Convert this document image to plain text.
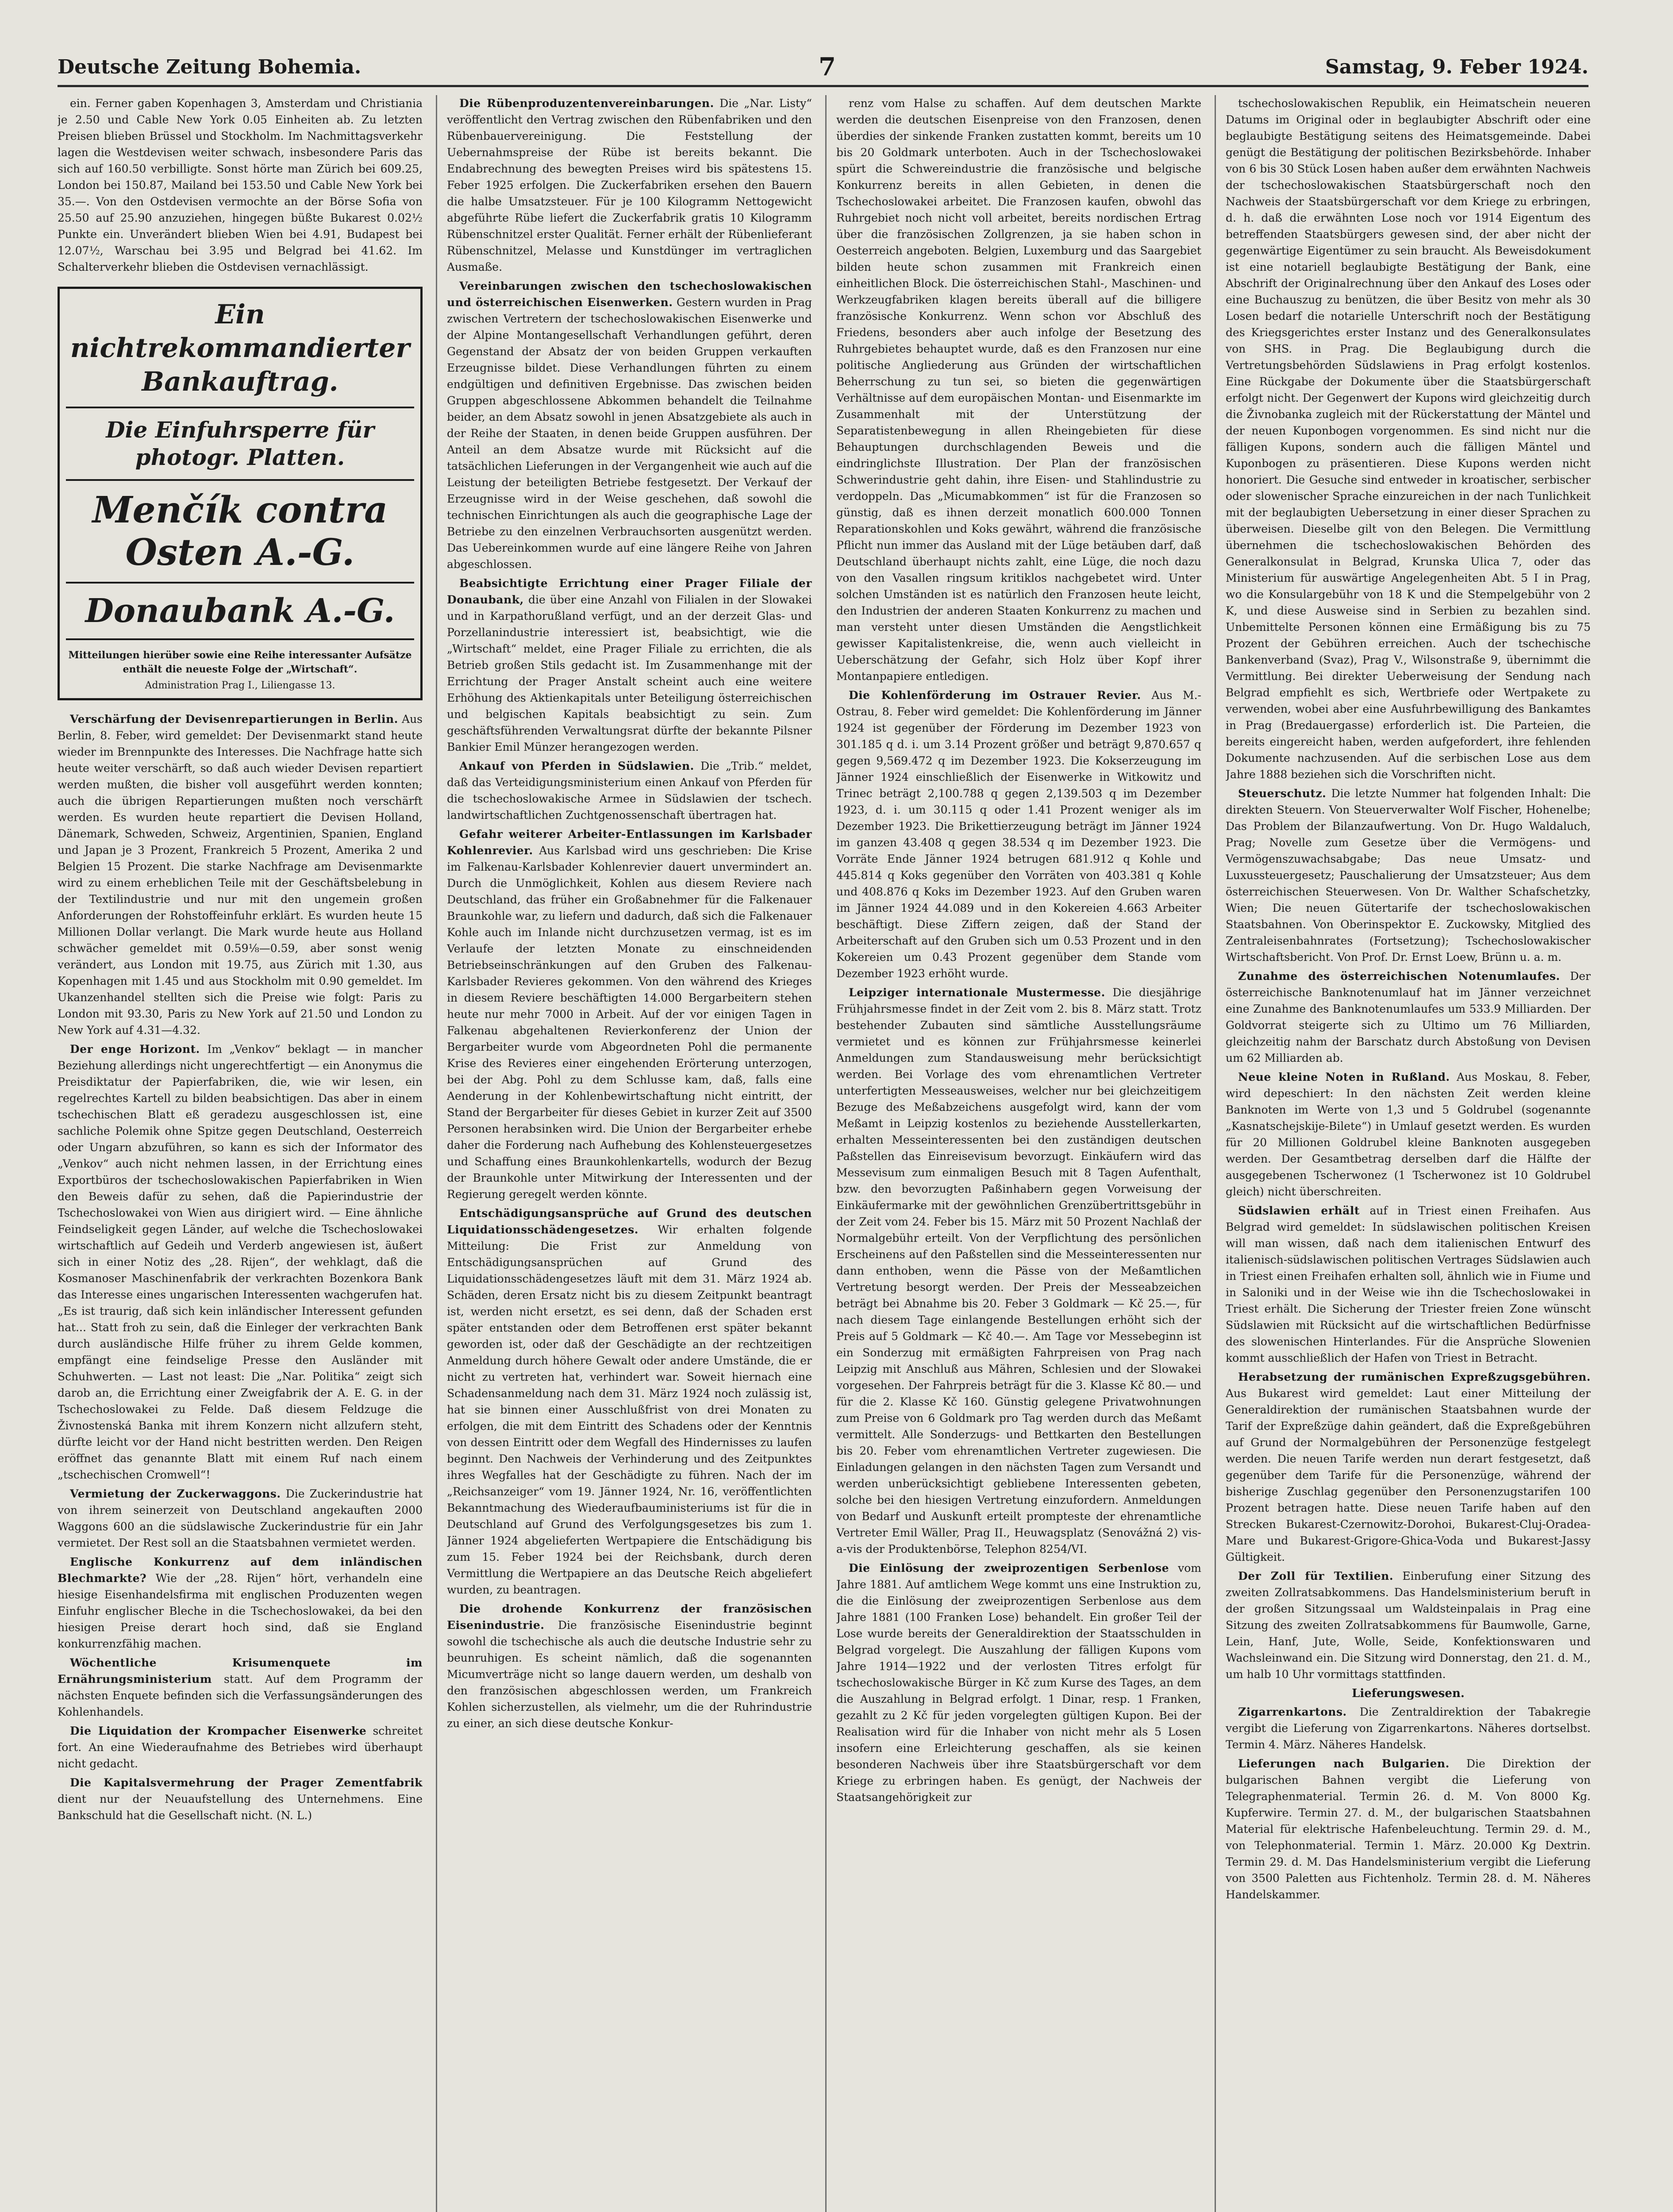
Deutsche Zeitung Bohemia.	7	Samstag, 9. Feber 1924.

ein. Ferner gaben Kopenhagen 3, Amsterdam und Christiania je 2.50 und Cable New York 0.05 Einheiten ab. Zu letzten Preisen blieben Brüssel und Stockholm. Im Nachmittagsverkehr lagen die Westdevisen weiter schwach, insbesondere Paris das sich auf 160.50 verbilligte. Sonst hörte man Zürich bei 609.25, London bei 150.87, Mailand bei 153.50 und Cable New York bei 35.—. Von den Ostdevisen vermochte an der Börse Sofia von 25.50 auf 25.90 anzuziehen, hingegen büßte Bukarest 0.02½ Punkte ein. Unverändert blieben Wien bei 4.91, Budapest bei 12.07½, Warschau bei 3.95 und Belgrad bei 41.62. Im Schalterverkehr blieben die Ostdevisen vernachlässigt.

Ein nichtrekommandierter Bankauftrag.
Die Einfuhrsperre für photogr. Platten.
Menčík contra Osten A.-G.
Donaubank A.-G.
Mitteilungen hierüber sowie eine Reihe interessanter Aufsätze enthält die neueste Folge der „Wirtschaft“.
Administration Prag I., Liliengasse 13.

Verschärfung der Devisenrepartierungen in Berlin. Aus Berlin, 8. Feber, wird gemeldet: Der Devisenmarkt stand heute wieder im Brennpunkte des Interesses. Die Nachfrage hatte sich heute weiter verschärft, so daß auch wieder Devisen repartiert werden mußten, die bisher voll ausgeführt werden konnten; auch die übrigen Repartierungen mußten noch verschärft werden. Es wurden heute repartiert die Devisen Holland, Dänemark, Schweden, Schweiz, Argentinien, Spanien, England und Japan je 3 Prozent, Frankreich 5 Prozent, Amerika 2 und Belgien 15 Prozent. Die starke Nachfrage am Devisenmarkte wird zu einem erheblichen Teile mit der Geschäftsbelebung in der Textilindustrie und nur mit den ungemein großen Anforderungen der Rohstoffeinfuhr erklärt. Es wurden heute 15 Millionen Dollar verlangt. Die Mark wurde heute aus Holland schwächer gemeldet mit 0.59⅛—0.59, aber sonst wenig verändert, aus London mit 19.75, aus Zürich mit 1.30, aus Kopenhagen mit 1.45 und aus Stockholm mit 0.90 gemeldet. Im Ukanzenhandel stellten sich die Preise wie folgt: Paris zu London mit 93.30, Paris zu New York auf 21.50 und London zu New York auf 4.31—4.32.

Der enge Horizont. Im „Venkov“ beklagt — in mancher Beziehung allerdings nicht ungerechtfertigt — ein Anonymus die Preisdiktatur der Papierfabriken, die, wie wir lesen, ein regelrechtes Kartell zu bilden beabsichtigen. Das aber in einem tschechischen Blatt eß geradezu ausgeschlossen ist, eine sachliche Polemik ohne Spitze gegen Deutschland, Oesterreich oder Ungarn abzuführen, so kann es sich der Informator des „Venkov“ auch nicht nehmen lassen, in der Errichtung eines Exportbüros der tschechoslowakischen Papierfabriken in Wien den Beweis dafür zu sehen, daß die Papierindustrie der Tschechoslowakei von Wien aus dirigiert wird. — Eine ähnliche Feindseligkeit gegen Länder, auf welche die Tschechoslowakei wirtschaftlich auf Gedeih und Verderb angewiesen ist, äußert sich in einer Notiz des „28. Rijen“, der wehklagt, daß die Kosmanoser Maschinenfabrik der verkrachten Bozenkora Bank das Interesse eines ungarischen Interessenten wachgerufen hat. „Es ist traurig, daß sich kein inländischer Interessent gefunden hat... Statt froh zu sein, daß die Einleger der verkrachten Bank durch ausländische Hilfe früher zu ihrem Gelde kommen, empfängt eine feindselige Presse den Ausländer mit Schuhwerten. — Last not least: Die „Nar. Politika“ zeigt sich darob an, die Errichtung einer Zweigfabrik der A. E. G. in der Tschechoslowakei zu Felde. Daß diesem Feldzuge die Živnostenská Banka mit ihrem Konzern nicht allzufern steht, dürfte leicht vor der Hand nicht bestritten werden. Den Reigen eröffnet das genannte Blatt mit einem Ruf nach einem „tschechischen Cromwell“!

Vermietung der Zuckerwaggons. Die Zuckerindustrie hat von ihrem seinerzeit von Deutschland angekauften 2000 Waggons 600 an die südslawische Zuckerindustrie für ein Jahr vermietet. Der Rest soll an die Staatsbahnen vermietet werden.

Englische Konkurrenz auf dem inländischen Blechmarkte? Wie der „28. Rijen“ hört, verhandeln eine hiesige Eisenhandelsfirma mit englischen Produzenten wegen Einfuhr englischer Bleche in die Tschechoslowakei, da bei den hiesigen Preise derart hoch sind, daß sie England konkurrenzfähig machen.

Wöchentliche Krisumenquete im Ernährungsministerium statt. Auf dem Programm der nächsten Enquete befinden sich die Verfassungsänderungen des Kohlenhandels.

Die Liquidation der Krompacher Eisenwerke schreitet fort. An eine Wiederaufnahme des Betriebes wird überhaupt nicht gedacht.

Die Kapitalsvermehrung der Prager Zementfabrik dient nur der Neuaufstellung des Unternehmens. Eine Bankschuld hat die Gesellschaft nicht. (N. L.)

Die Rübenproduzentenvereinbarungen. Die „Nar. Listy“ veröffentlicht den Vertrag zwischen den Rübenfabriken und den Rübenbauervereinigung. Die Feststellung der Uebernahmspreise der Rübe ist bereits bekannt. Die Endabrechnung des bewegten Preises wird bis spätestens 15. Feber 1925 erfolgen. Die Zuckerfabriken ersehen den Bauern die halbe Umsatzsteuer. Für je 100 Kilogramm Nettogewicht abgeführte Rübe liefert die Zuckerfabrik gratis 10 Kilogramm Rübenschnitzel erster Qualität. Ferner erhält der Rübenlieferant Rübenschnitzel, Melasse und Kunstdünger im vertraglichen Ausmaße.

Vereinbarungen zwischen den tschechoslowakischen und österreichischen Eisenwerken. Gestern wurden in Prag zwischen Vertretern der tschechoslowakischen Eisenwerke und der Alpine Montangesellschaft Verhandlungen geführt, deren Gegenstand der Absatz der von beiden Gruppen verkauften Erzeugnisse bildet. Diese Verhandlungen führten zu einem endgültigen und definitiven Ergebnisse. Das zwischen beiden Gruppen abgeschlossene Abkommen behandelt die Teilnahme beider, an dem Absatz sowohl in jenen Absatzgebiete als auch in der Reihe der Staaten, in denen beide Gruppen ausführen. Der Anteil an dem Absatze wurde mit Rücksicht auf die tatsächlichen Lieferungen in der Vergangenheit wie auch auf die Leistung der beteiligten Betriebe festgesetzt. Der Verkauf der Erzeugnisse wird in der Weise geschehen, daß sowohl die technischen Einrichtungen als auch die geographische Lage der Betriebe zu den einzelnen Verbrauchsorten ausgenützt werden. Das Uebereinkommen wurde auf eine längere Reihe von Jahren abgeschlossen.

Beabsichtigte Errichtung einer Prager Filiale der Donaubank, die über eine Anzahl von Filialen in der Slowakei und in Karpathorußland verfügt, und an der derzeit Glas- und Porzellanindustrie interessiert ist, beabsichtigt, wie die „Wirtschaft“ meldet, eine Prager Filiale zu errichten, die als Betrieb großen Stils gedacht ist. Im Zusammenhange mit der Errichtung der Prager Anstalt scheint auch eine weitere Erhöhung des Aktienkapitals unter Beteiligung österreichischen und belgischen Kapitals beabsichtigt zu sein. Zum geschäftsführenden Verwaltungsrat dürfte der bekannte Pilsner Bankier Emil Münzer herangezogen werden.

Ankauf von Pferden in Südslawien. Die „Trib.“ meldet, daß das Verteidigungsministerium einen Ankauf von Pferden für die tschechoslowakische Armee in Südslawien der tschech. landwirtschaftlichen Zuchtgenossenschaft übertragen hat.

Gefahr weiterer Arbeiter-Entlassungen im Karlsbader Kohlenrevier. Aus Karlsbad wird uns geschrieben: Die Krise im Falkenau-Karlsbader Kohlenrevier dauert unvermindert an. Durch die Unmöglichkeit, Kohlen aus diesem Reviere nach Deutschland, das früher ein Großabnehmer für die Falkenauer Braunkohle war, zu liefern und dadurch, daß sich die Falkenauer Kohle auch im Inlande nicht durchzusetzen vermag, ist es im Verlaufe der letzten Monate zu einschneidenden Betriebseinschränkungen auf den Gruben des Falkenau-Karlsbader Revieres gekommen. Von den während des Krieges in diesem Reviere beschäftigten 14.000 Bergarbeitern stehen heute nur mehr 7000 in Arbeit. Auf der vor einigen Tagen in Falkenau abgehaltenen Revierkonferenz der Union der Bergarbeiter wurde vom Abgeordneten Pohl die permanente Krise des Revieres einer eingehenden Erörterung unterzogen, bei der Abg. Pohl zu dem Schlusse kam, daß, falls eine Aenderung in der Kohlenbewirtschaftung nicht eintritt, der Stand der Bergarbeiter für dieses Gebiet in kurzer Zeit auf 3500 Personen herabsinken wird. Die Union der Bergarbeiter erhebe daher die Forderung nach Aufhebung des Kohlensteuergesetzes und Schaffung eines Braunkohlenkartells, wodurch der Bezug der Braunkohle unter Mitwirkung der Interessenten und der Regierung geregelt werden könnte.

Entschädigungsansprüche auf Grund des deutschen Liquidationsschädengesetzes. Wir erhalten folgende Mitteilung: Die Frist zur Anmeldung von Entschädigungsansprüchen auf Grund des Liquidationsschädengesetzes läuft mit dem 31. März 1924 ab. Schäden, deren Ersatz nicht bis zu diesem Zeitpunkt beantragt ist, werden nicht ersetzt, es sei denn, daß der Schaden erst später entstanden oder dem Betroffenen erst später bekannt geworden ist, oder daß der Geschädigte an der rechtzeitigen Anmeldung durch höhere Gewalt oder andere Umstände, die er nicht zu vertreten hat, verhindert war. Soweit hiernach eine Schadensanmeldung nach dem 31. März 1924 noch zulässig ist, hat sie binnen einer Ausschlußfrist von drei Monaten zu erfolgen, die mit dem Eintritt des Schadens oder der Kenntnis von dessen Eintritt oder dem Wegfall des Hindernisses zu laufen beginnt. Den Nachweis der Verhinderung und des Zeitpunktes ihres Wegfalles hat der Geschädigte zu führen. Nach der im „Reichsanzeiger“ vom 19. Jänner 1924, Nr. 16, veröffentlichten Bekanntmachung des Wiederaufbauministeriums ist für die in Deutschland auf Grund des Verfolgungsgesetzes bis zum 1. Jänner 1924 abgelieferten Wertpapiere die Entschädigung bis zum 15. Feber 1924 bei der Reichsbank, durch deren Vermittlung die Wertpapiere an das Deutsche Reich abgeliefert wurden, zu beantragen.

Die drohende Konkurrenz der französischen Eisenindustrie. Die französische Eisenindustrie beginnt sowohl die tschechische als auch die deutsche Industrie sehr zu beunruhigen. Es scheint nämlich, daß die sogenannten Micumverträge nicht so lange dauern werden, um deshalb von den französischen abgeschlossen werden, um Frankreich Kohlen sicherzustellen, als vielmehr, um die der Ruhrindustrie zu einer, an sich diese deutsche Konkur-

renz vom Halse zu schaffen. Auf dem deutschen Markte werden die deutschen Eisenpreise von den Franzosen, denen überdies der sinkende Franken zustatten kommt, bereits um 10 bis 20 Goldmark unterboten. Auch in der Tschechoslowakei spürt die Schwereindustrie die französische und belgische Konkurrenz bereits in allen Gebieten, in denen die Tschechoslowakei arbeitet. Die Franzosen kaufen, obwohl das Ruhrgebiet noch nicht voll arbeitet, bereits nordischen Ertrag über die französischen Zollgrenzen, ja sie haben schon in Oesterreich angeboten. Belgien, Luxemburg und das Saargebiet bilden heute schon zusammen mit Frankreich einen einheitlichen Block. Die österreichischen Stahl-, Maschinen- und Werkzeugfabriken klagen bereits überall auf die billigere französische Konkurrenz. Wenn schon vor Abschluß des Friedens, besonders aber auch infolge der Besetzung des Ruhrgebietes behauptet wurde, daß es den Franzosen nur eine politische Angliederung aus Gründen der wirtschaftlichen Beherrschung zu tun sei, so bieten die gegenwärtigen Verhältnisse auf dem europäischen Montan- und Eisenmarkte im Zusammenhalt mit der Unterstützung der Separatistenbewegung in allen Rheingebieten für diese Behauptungen durchschlagenden Beweis und die eindringlichste Illustration. Der Plan der französischen Schwerindustrie geht dahin, ihre Eisen- und Stahlindustrie zu verdoppeln. Das „Micumabkommen“ ist für die Franzosen so günstig, daß es ihnen derzeit monatlich 600.000 Tonnen Reparationskohlen und Koks gewährt, während die französische Pflicht nun immer das Ausland mit der Lüge betäuben darf, daß Deutschland überhaupt nichts zahlt, eine Lüge, die noch dazu von den Vasallen ringsum kritiklos nachgebetet wird. Unter solchen Umständen ist es natürlich den Franzosen heute leicht, den Industrien der anderen Staaten Konkurrenz zu machen und man versteht unter diesen Umständen die Aengstlichkeit gewisser Kapitalistenkreise, die, wenn auch vielleicht in Ueberschätzung der Gefahr, sich Holz über Kopf ihrer Montanpapiere entledigen.

Die Kohlenförderung im Ostrauer Revier. Aus M.-Ostrau, 8. Feber wird gemeldet: Die Kohlenförderung im Jänner 1924 ist gegenüber der Förderung im Dezember 1923 von 301.185 q d. i. um 3.14 Prozent größer und beträgt 9,870.657 q gegen 9,569.472 q im Dezember 1923. Die Kokserzeugung im Jänner 1924 einschließlich der Eisenwerke in Witkowitz und Trinec beträgt 2,100.788 q gegen 2,139.503 q im Dezember 1923, d. i. um 30.115 q oder 1.41 Prozent weniger als im Dezember 1923. Die Brikettierzeugung beträgt im Jänner 1924 im ganzen 43.408 q gegen 38.534 q im Dezember 1923. Die Vorräte Ende Jänner 1924 betrugen 681.912 q Kohle und 445.814 q Koks gegenüber den Vorräten von 403.381 q Kohle und 408.876 q Koks im Dezember 1923. Auf den Gruben waren im Jänner 1924 44.089 und in den Kokereien 4.663 Arbeiter beschäftigt. Diese Ziffern zeigen, daß der Stand der Arbeiterschaft auf den Gruben sich um 0.53 Prozent und in den Kokereien um 0.43 Prozent gegenüber dem Stande vom Dezember 1923 erhöht wurde.

Leipziger internationale Mustermesse. Die diesjährige Frühjahrsmesse findet in der Zeit vom 2. bis 8. März statt. Trotz bestehender Zubauten sind sämtliche Ausstellungsräume vermietet und es können zur Frühjahrsmesse keinerlei Anmeldungen zum Standausweisung mehr berücksichtigt werden. Bei Vorlage des vom ehrenamtlichen Vertreter unterfertigten Messeausweises, welcher nur bei gleichzeitigem Bezuge des Meßabzeichens ausgefolgt wird, kann der vom Meßamt in Leipzig kostenlos zu beziehende Ausstellerkarten, erhalten Messeinteressenten bei den zuständigen deutschen Paßstellen das Einreisevisum bevorzugt. Einkäufern wird das Messevisum zum einmaligen Besuch mit 8 Tagen Aufenthalt, bzw. den bevorzugten Paßinhabern gegen Vorweisung der Einkäufermarke mit der gewöhnlichen Grenzübertrittsgebühr in der Zeit vom 24. Feber bis 15. März mit 50 Prozent Nachlaß der Normalgebühr erteilt. Von der Verpflichtung des persönlichen Erscheinens auf den Paßstellen sind die Messeinteressenten nur dann enthoben, wenn die Pässe von der Meßamtlichen Vertretung besorgt werden. Der Preis der Messeabzeichen beträgt bei Abnahme bis 20. Feber 3 Goldmark — Kč 25.—, für nach diesem Tage einlangende Bestellungen erhöht sich der Preis auf 5 Goldmark — Kč 40.—. Am Tage vor Messebeginn ist ein Sonderzug mit ermäßigten Fahrpreisen von Prag nach Leipzig mit Anschluß aus Mähren, Schlesien und der Slowakei vorgesehen. Der Fahrpreis beträgt für die 3. Klasse Kč 80.— und für die 2. Klasse Kč 160. Günstig gelegene Privatwohnungen zum Preise von 6 Goldmark pro Tag werden durch das Meßamt vermittelt. Alle Sonderzugs- und Bettkarten den Bestellungen bis 20. Feber vom ehrenamtlichen Vertreter zugewiesen. Die Einladungen gelangen in den nächsten Tagen zum Versandt und werden unberücksichtigt gebliebene Interessenten gebeten, solche bei den hiesigen Vertretung einzufordern. Anmeldungen von Bedarf und Auskunft erteilt prompteste der ehrenamtliche Vertreter Emil Wäller, Prag II., Heuwagsplatz (Senovážná 2) vis-a-vis der Produktenbörse, Telephon 8254/VI.

Die Einlösung der zweiprozentigen Serbenlose vom Jahre 1881. Auf amtlichem Wege kommt uns eine Instruktion zu, die die Einlösung der zweiprozentigen Serbenlose aus dem Jahre 1881 (100 Franken Lose) behandelt. Ein großer Teil der Lose wurde bereits der Generaldirektion der Staatsschulden in Belgrad vorgelegt. Die Auszahlung der fälligen Kupons vom Jahre 1914—1922 und der verlosten Titres erfolgt für tschechoslowakische Bürger in Kč zum Kurse des Tages, an dem die Auszahlung in Belgrad erfolgt. 1 Dinar, resp. 1 Franken, gezahlt zu 2 Kč für jeden vorgelegten gültigen Kupon. Bei der Realisation wird für die Inhaber von nicht mehr als 5 Losen insofern eine Erleichterung geschaffen, als sie keinen besonderen Nachweis über ihre Staatsbürgerschaft vor dem Kriege zu erbringen haben. Es genügt, der Nachweis der Staatsangehörigkeit zur

tschechoslowakischen Republik, ein Heimatschein neueren Datums im Original oder in beglaubigter Abschrift oder eine beglaubigte Bestätigung seitens des Heimatsgemeinde. Dabei genügt die Bestätigung der politischen Bezirksbehörde. Inhaber von 6 bis 30 Stück Losen haben außer dem erwähnten Nachweis der tschechoslowakischen Staatsbürgerschaft noch den Nachweis der Staatsbürgerschaft vor dem Kriege zu erbringen, d. h. daß die erwähnten Lose noch vor 1914 Eigentum des betreffenden Staatsbürgers gewesen sind, der aber nicht der gegenwärtige Eigentümer zu sein braucht. Als Beweisdokument ist eine notariell beglaubigte Bestätigung der Bank, eine Abschrift der Originalrechnung über den Ankauf des Loses oder eine Buchauszug zu benützen, die über Besitz von mehr als 30 Losen bedarf die notarielle Unterschrift noch der Bestätigung des Kriegsgerichtes erster Instanz und des Generalkonsulates von SHS. in Prag. Die Beglaubigung durch die Vertretungsbehörden Südslawiens in Prag erfolgt kostenlos. Eine Rückgabe der Dokumente über die Staatsbürgerschaft erfolgt nicht. Der Gegenwert der Kupons wird gleichzeitig durch die Živnobanka zugleich mit der Rückerstattung der Mäntel und der neuen Kuponbogen vorgenommen. Es sind nicht nur die fälligen Kupons, sondern auch die fälligen Mäntel und Kuponbogen zu präsentieren. Diese Kupons werden nicht honoriert. Die Gesuche sind entweder in kroatischer, serbischer oder slowenischer Sprache einzureichen in der nach Tunlichkeit mit der beglaubigten Uebersetzung in einer dieser Sprachen zu überweisen. Dieselbe gilt von den Belegen. Die Vermittlung übernehmen die tschechoslowakischen Behörden des Generalkonsulat in Belgrad, Krunska Ulica 7, oder das Ministerium für auswärtige Angelegenheiten Abt. 5 I in Prag, wo die Konsulargebühr von 18 K und die Stempelgebühr von 2 K, und diese Ausweise sind in Serbien zu bezahlen sind. Unbemittelte Personen können eine Ermäßigung bis zu 75 Prozent der Gebühren erreichen. Auch der tschechische Bankenverband (Svaz), Prag V., Wilsonstraße 9, übernimmt die Vermittlung. Bei direkter Ueberweisung der Sendung nach Belgrad empfiehlt es sich, Wertbriefe oder Wertpakete zu verwenden, wobei aber eine Ausfuhrbewilligung des Bankamtes in Prag (Bredauergasse) erforderlich ist. Die Parteien, die bereits eingereicht haben, werden aufgefordert, ihre fehlenden Dokumente nachzusenden. Auf die serbischen Lose aus dem Jahre 1888 beziehen sich die Vorschriften nicht.

Steuerschutz. Die letzte Nummer hat folgenden Inhalt: Die direkten Steuern. Von Steuerverwalter Wolf Fischer, Hohenelbe; Das Problem der Bilanzaufwertung. Von Dr. Hugo Waldaluch, Prag; Novelle zum Gesetze über die Vermögens- und Vermögenszuwachsabgabe; Das neue Umsatz- und Luxussteuergesetz; Pauschalierung der Umsatzsteuer; Aus dem österreichischen Steuerwesen. Von Dr. Walther Schafschetzky, Wien; Die neuen Gütertarife der tschechoslowakischen Staatsbahnen. Von Oberinspektor E. Zuckowsky, Mitglied des Zentraleisenbahnrates (Fortsetzung); Tschechoslowakischer Wirtschaftsbericht. Von Prof. Dr. Ernst Loew, Brünn u. a. m.

Zunahme des österreichischen Notenumlaufes. Der österreichische Banknotenumlauf hat im Jänner verzeichnet eine Zunahme des Banknotenumlaufes um 533.9 Milliarden. Der Goldvorrat steigerte sich zu Ultimo um 76 Milliarden, gleichzeitig nahm der Barschatz durch Abstoßung von Devisen um 62 Milliarden ab.

Neue kleine Noten in Rußland. Aus Moskau, 8. Feber, wird depeschiert: In den nächsten Zeit werden kleine Banknoten im Werte von 1,3 und 5 Goldrubel (sogenannte „Kasnatschejskije-Bilete“) in Umlauf gesetzt werden. Es wurden für 20 Millionen Goldrubel kleine Banknoten ausgegeben werden. Der Gesamtbetrag derselben darf die Hälfte der ausgegebenen Tscherwonez (1 Tscherwonez ist 10 Goldrubel gleich) nicht überschreiten.

Südslawien erhält auf in Triest einen Freihafen. Aus Belgrad wird gemeldet: In südslawischen politischen Kreisen will man wissen, daß nach dem italienischen Entwurf des italienisch-südslawischen politischen Vertrages Südslawien auch in Triest einen Freihafen erhalten soll, ähnlich wie in Fiume und in Saloniki und in der Weise wie ihn die Tschechoslowakei in Triest erhält. Die Sicherung der Triester freien Zone wünscht Südslawien mit Rücksicht auf die wirtschaftlichen Bedürfnisse des slowenischen Hinterlandes. Für die Ansprüche Slowenien kommt ausschließlich der Hafen von Triest in Betracht.

Herabsetzung der rumänischen Expreßzugsgebühren. Aus Bukarest wird gemeldet: Laut einer Mitteilung der Generaldirektion der rumänischen Staatsbahnen wurde der Tarif der Expreßzüge dahin geändert, daß die Expreßgebühren auf Grund der Normalgebühren der Personenzüge festgelegt werden. Die neuen Tarife werden nun derart festgesetzt, daß gegenüber dem Tarife für die Personenzüge, während der bisherige Zuschlag gegenüber den Personenzugstarifen 100 Prozent betragen hatte. Diese neuen Tarife haben auf den Strecken Bukarest-Czernowitz-Dorohoi, Bukarest-Cluj-Oradea-Mare und Bukarest-Grigore-Ghica-Voda und Bukarest-Jassy Gültigkeit.

Der Zoll für Textilien. Einberufung einer Sitzung des zweiten Zollratsabkommens. Das Handelsministerium beruft in der großen Sitzungssaal um Waldsteinpalais in Prag eine Sitzung des zweiten Zollratsabkommens für Baumwolle, Garne, Lein, Hanf, Jute, Wolle, Seide, Konfektionswaren und Wachsleinwand ein. Die Sitzung wird Donnerstag, den 21. d. M., um halb 10 Uhr vormittags stattfinden.

Lieferungswesen.

Zigarrenkartons. Die Zentraldirektion der Tabakregie vergibt die Lieferung von Zigarrenkartons. Näheres dortselbst. Termin 4. März. Näheres Handelsk.

Lieferungen nach Bulgarien. Die Direktion der bulgarischen Bahnen vergibt die Lieferung von Telegraphenmaterial. Termin 26. d. M. Von 8000 Kg. Kupferwire. Termin 27. d. M., der bulgarischen Staatsbahnen Material für elektrische Hafenbeleuchtung. Termin 29. d. M., von Telephonmaterial. Termin 1. März. 20.000 Kg Dextrin. Termin 29. d. M. Das Handelsministerium vergibt die Lieferung von 3500 Paletten aus Fichtenholz. Termin 28. d. M. Näheres Handelskammer.
